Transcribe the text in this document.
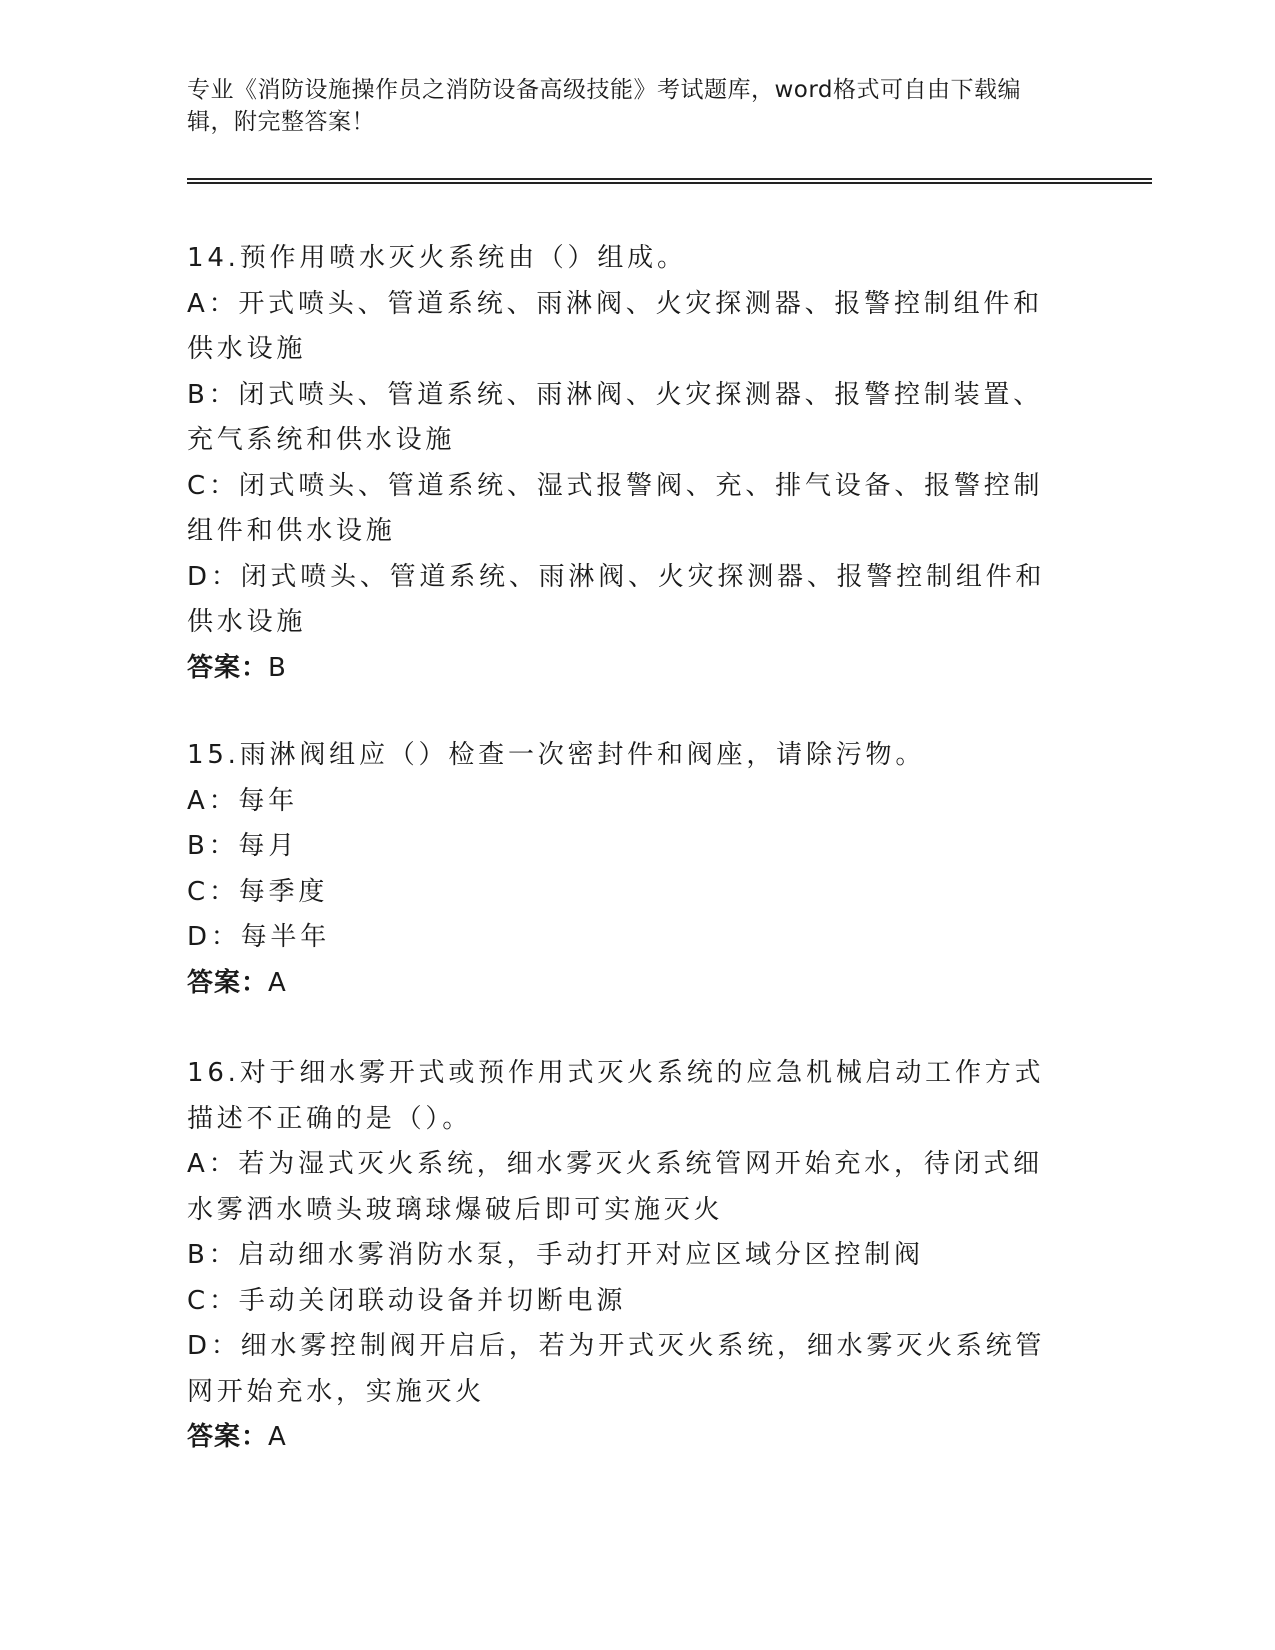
专业《消防设施操作员之消防设备高级技能》考试题库，word格式可自由下载编辑，附完整答案！

14.预作用喷水灭火系统由（）组成。

A：开式喷头、管道系统、雨淋阀、火灾探测器、报警控制组件和供水设施

B：闭式喷头、管道系统、雨淋阀、火灾探测器、报警控制装置、充气系统和供水设施

C：闭式喷头、管道系统、湿式报警阀、充、排气设备、报警控制组件和供水设施

D：闭式喷头、管道系统、雨淋阀、火灾探测器、报警控制组件和供水设施

答案：B

15.雨淋阀组应（）检查一次密封件和阀座，请除污物。

A：每年

B：每月

C：每季度

D：每半年

答案：A

16.对于细水雾开式或预作用式灭火系统的应急机械启动工作方式描述不正确的是（）。

A：若为湿式灭火系统，细水雾灭火系统管网开始充水，待闭式细水雾洒水喷头玻璃球爆破后即可实施灭火

B：启动细水雾消防水泵，手动打开对应区域分区控制阀

C：手动关闭联动设备并切断电源

D：细水雾控制阀开启后，若为开式灭火系统，细水雾灭火系统管网开始充水，实施灭火

答案：A
